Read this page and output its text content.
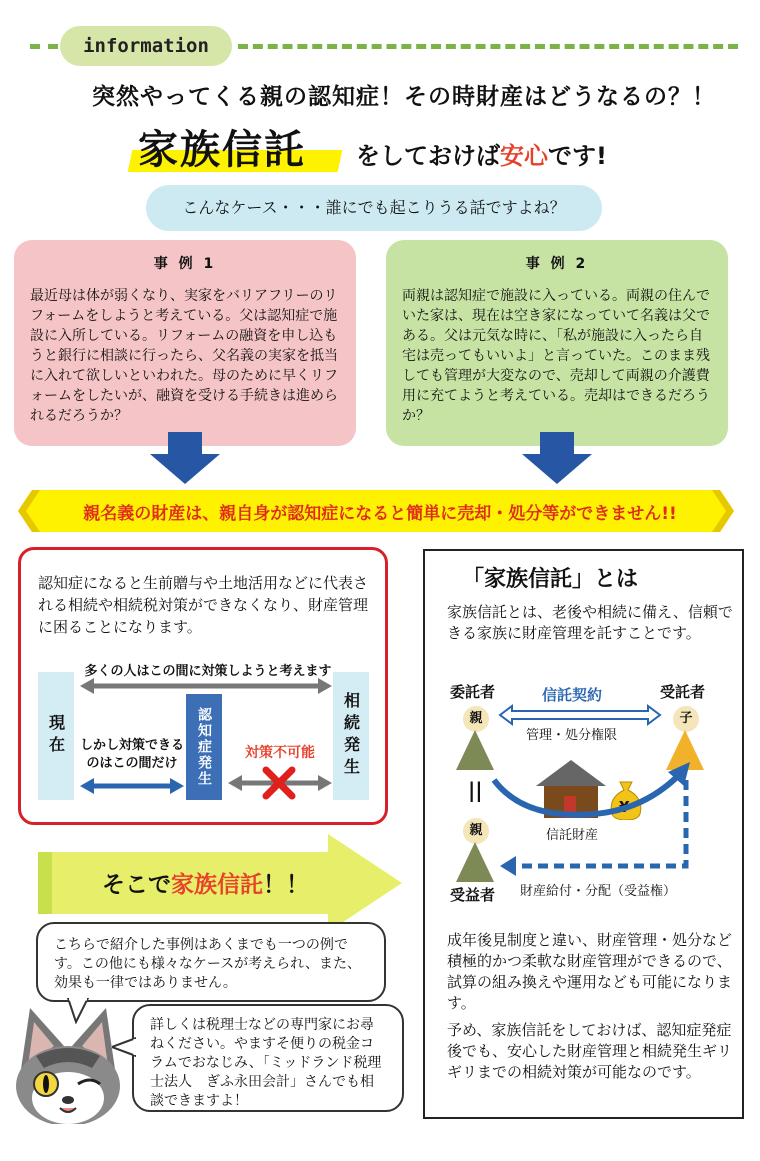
information
突然やってくる親の認知症！その時財産はどうなるの？！
家族信託 をしておけば安心です!
こんなケース・・・誰にでも起こりうる話ですよね？
事 例 1
最近母は体が弱くなり、実家をバリアフリーのリフォームをしようと考えている。父は認知症で施設に入所している。リフォームの融資を申し込もうと銀行に相談に行ったら、父名義の実家を抵当に入れて欲しいといわれた。母のために早くリフォームをしたいが、融資を受ける手続きは進められるだろうか？
事 例 2
両親は認知症で施設に入っている。両親の住んでいた家は、現在は空き家になっていて名義は父である。父は元気な時に、「私が施設に入ったら自宅は売ってもいいよ」と言っていた。このまま残しても管理が大変なので、売却して両親の介護費用に充てようと考えている。売却はできるだろうか？
親名義の財産は、親自身が認知症になると簡単に売却・処分等ができません!!
認知症になると生前贈与や土地活用などに代表される相続や相続税対策ができなくなり、財産管理に困ることになります。
多くの人はこの間に対策しようと考えます
現在	相続発生
認知症発生
しかし対策できる
のはこの間だけ
対策不可能
そこで家族信託！！
こちらで紹介した事例はあくまでも一つの例です。この他にも様々なケースが考えられ、また、効果も一律ではありません。
詳しくは税理士などの専門家にお尋ねください。やますそ便りの税金コラムでおなじみ、「ミッドランド税理士法人　ぎふ永田会計」さんでも相談できますよ！
「家族信託」とは
家族信託とは、老後や相続に備え、信頼できる家族に財産管理を託すことです。
委託者	受託者
信託契約
親	子
管理・処分権限
||
親
受益者
¥
信託財産
財産給付・分配（受益権）
成年後見制度と違い、財産管理・処分など積極的かつ柔軟な財産管理ができるので、試算の組み換えや運用なども可能になります。
予め、家族信託をしておけば、認知症発症後でも、安心した財産管理と相続発生ギリギリまでの相続対策が可能なのです。
